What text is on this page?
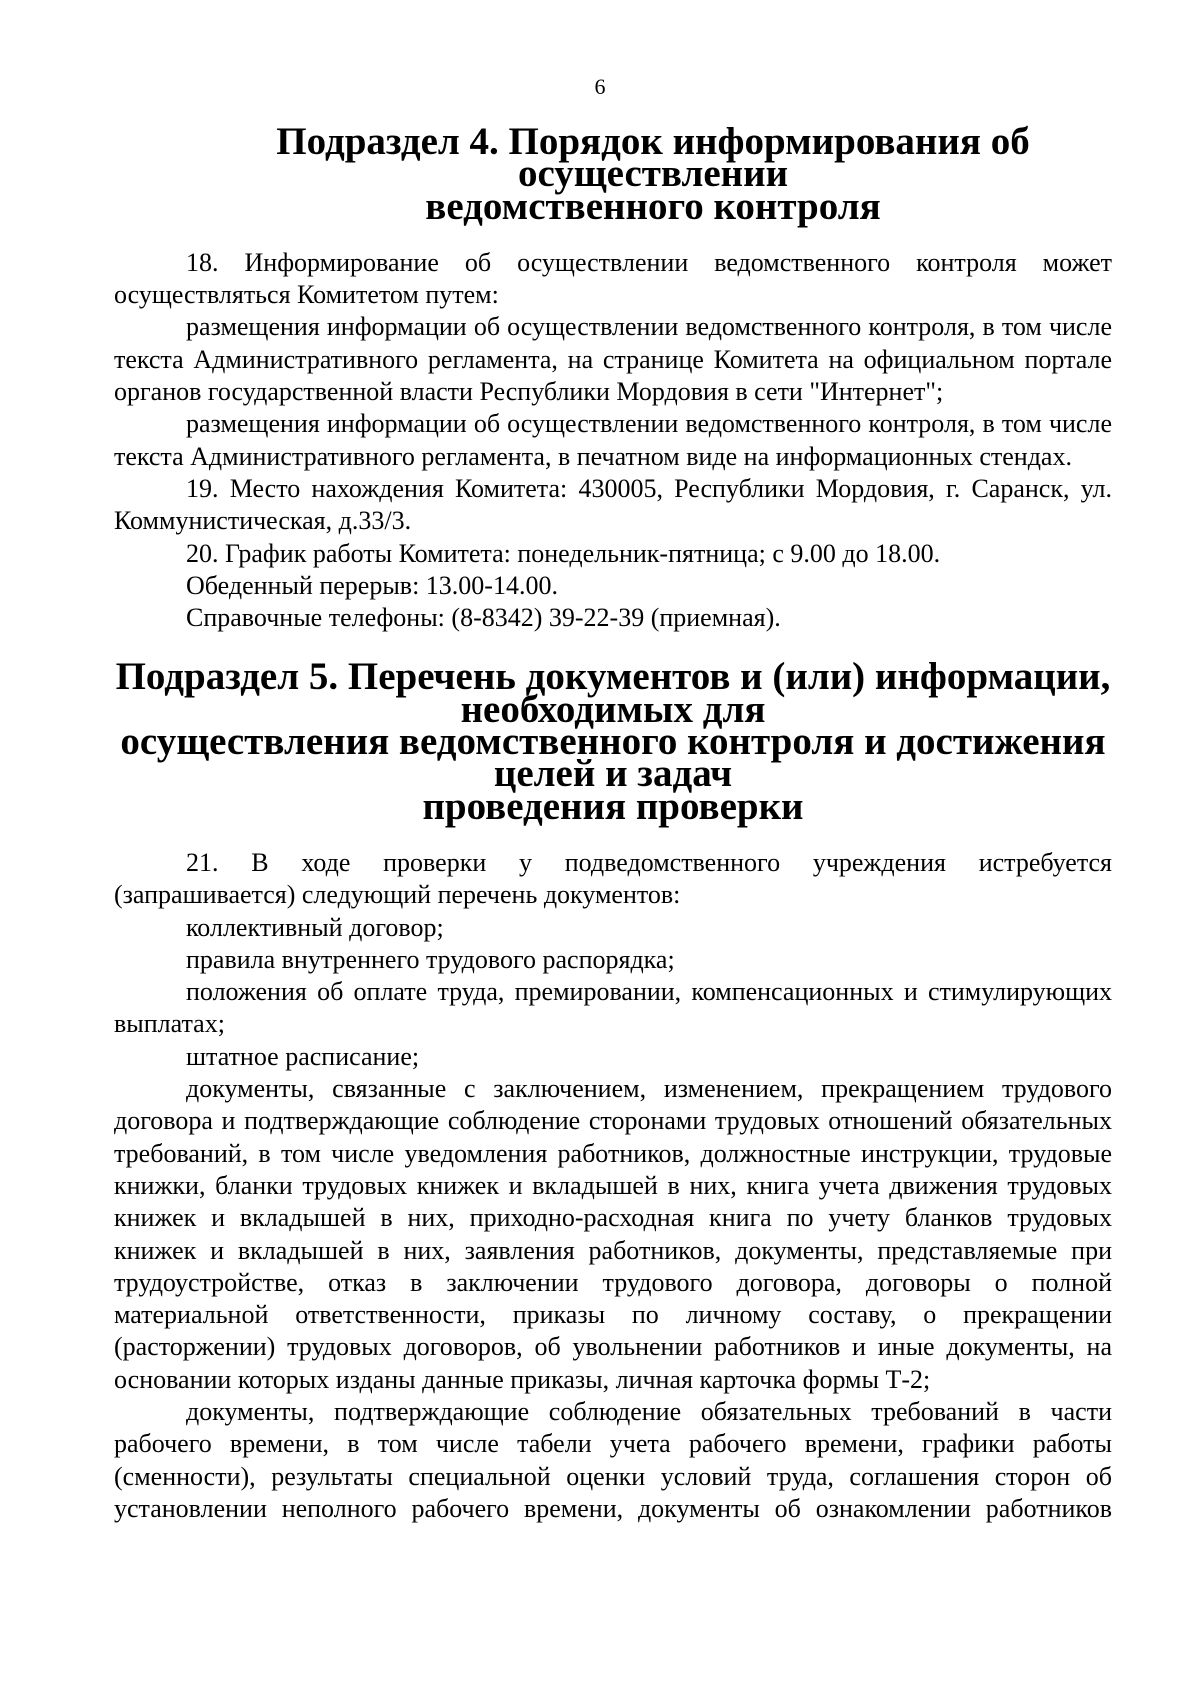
6
Подраздел 4. Порядок информирования об осуществлении
ведомственного контроля

18. Информирование об осуществлении ведомственного контроля может осуществляться Комитетом путем:

размещения информации об осуществлении ведомственного контроля, в том числе текста Административного регламента, на странице Комитета на официальном портале органов государственной власти Республики Мордовия в сети "Интернет";

размещения информации об осуществлении ведомственного контроля, в том числе текста Административного регламента, в печатном виде на информационных стендах.

19. Место нахождения Комитета: 430005, Республики Мордовия, г. Саранск, ул. Коммунистическая, д.33/3.

20. График работы Комитета: понедельник-пятница; с 9.00 до 18.00.

Обеденный перерыв: 13.00-14.00.

Справочные телефоны: (8-8342) 39-22-39 (приемная).

Подраздел 5. Перечень документов и (или) информации, необходимых для
осуществления ведомственного контроля и достижения целей и задач
проведения проверки

21. В ходе проверки у подведомственного учреждения истребуется (запрашивается) следующий перечень документов:

коллективный договор;

правила внутреннего трудового распорядка;

положения об оплате труда, премировании, компенсационных и стимулирующих выплатах;

штатное расписание;

документы, связанные с заключением, изменением, прекращением трудового договора и подтверждающие соблюдение сторонами трудовых отношений обязательных требований, в том числе уведомления работников, должностные инструкции, трудовые книжки, бланки трудовых книжек и вкладышей в них, книга учета движения трудовых книжек и вкладышей в них, приходно-расходная книга по учету бланков трудовых книжек и вкладышей в них, заявления работников, документы, представляемые при трудоустройстве, отказ в заключении трудового договора, договоры о полной материальной ответственности, приказы по личному составу, о прекращении (расторжении) трудовых договоров, об увольнении работников и иные документы, на основании которых изданы данные приказы, личная карточка формы Т-2;

документы, подтверждающие соблюдение обязательных требований в части рабочего времени, в том числе табели учета рабочего времени, графики работы (сменности), результаты специальной оценки условий труда, соглашения сторон об установлении неполного рабочего времени, документы об ознакомлении работников
